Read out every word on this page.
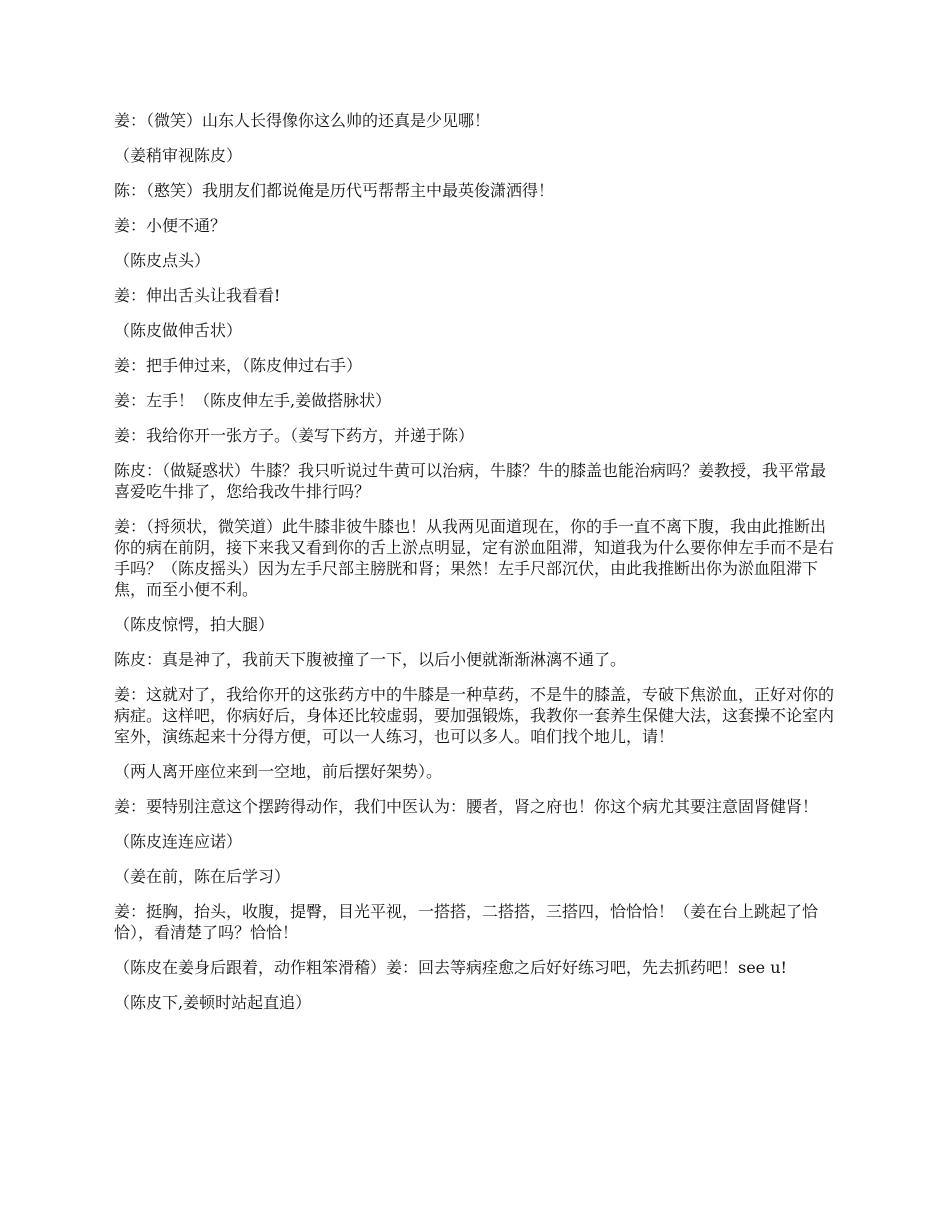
姜：（微笑）山东人长得像你这么帅的还真是少见哪！

（姜稍审视陈皮）

陈：（憨笑）我朋友们都说俺是历代丐帮帮主中最英俊潇洒得！

姜：小便不通？

（陈皮点头）

姜：伸出舌头让我看看!

（陈皮做伸舌状）

姜：把手伸过来，（陈皮伸过右手）

姜：左手！（陈皮伸左手,姜做搭脉状）

姜：我给你开一张方子。（姜写下药方，并递于陈）

陈皮：（做疑惑状）牛膝？我只听说过牛黄可以治病，牛膝？牛的膝盖也能治病吗？姜教授，我平常最喜爱吃牛排了，您给我改牛排行吗？

姜：（捋须状，微笑道）此牛膝非彼牛膝也！从我两见面道现在，你的手一直不离下腹，我由此推断出你的病在前阴，接下来我又看到你的舌上淤点明显，定有淤血阻滞，知道我为什么要你伸左手而不是右手吗？（陈皮摇头）因为左手尺部主膀胱和肾；果然！左手尺部沉伏，由此我推断出你为淤血阻滞下焦，而至小便不利。

（陈皮惊愕，拍大腿）

陈皮：真是神了，我前天下腹被撞了一下，以后小便就渐渐淋漓不通了。

姜：这就对了，我给你开的这张药方中的牛膝是一种草药，不是牛的膝盖，专破下焦淤血，正好对你的病症。这样吧，你病好后，身体还比较虚弱，要加强锻炼，我教你一套养生保健大法，这套操不论室内室外，演练起来十分得方便，可以一人练习，也可以多人。咱们找个地儿，请！

（两人离开座位来到一空地，前后摆好架势）。

姜：要特别注意这个摆跨得动作，我们中医认为：腰者，肾之府也！你这个病尤其要注意固肾健肾！

（陈皮连连应诺）

（姜在前，陈在后学习）

姜：挺胸，抬头，收腹，提臀，目光平视，一搭搭，二搭搭，三搭四，恰恰恰！（姜在台上跳起了恰恰），看清楚了吗？恰恰！

（陈皮在姜身后跟着，动作粗笨滑稽）姜：回去等病痊愈之后好好练习吧，先去抓药吧！see u!

（陈皮下,姜顿时站起直追）
